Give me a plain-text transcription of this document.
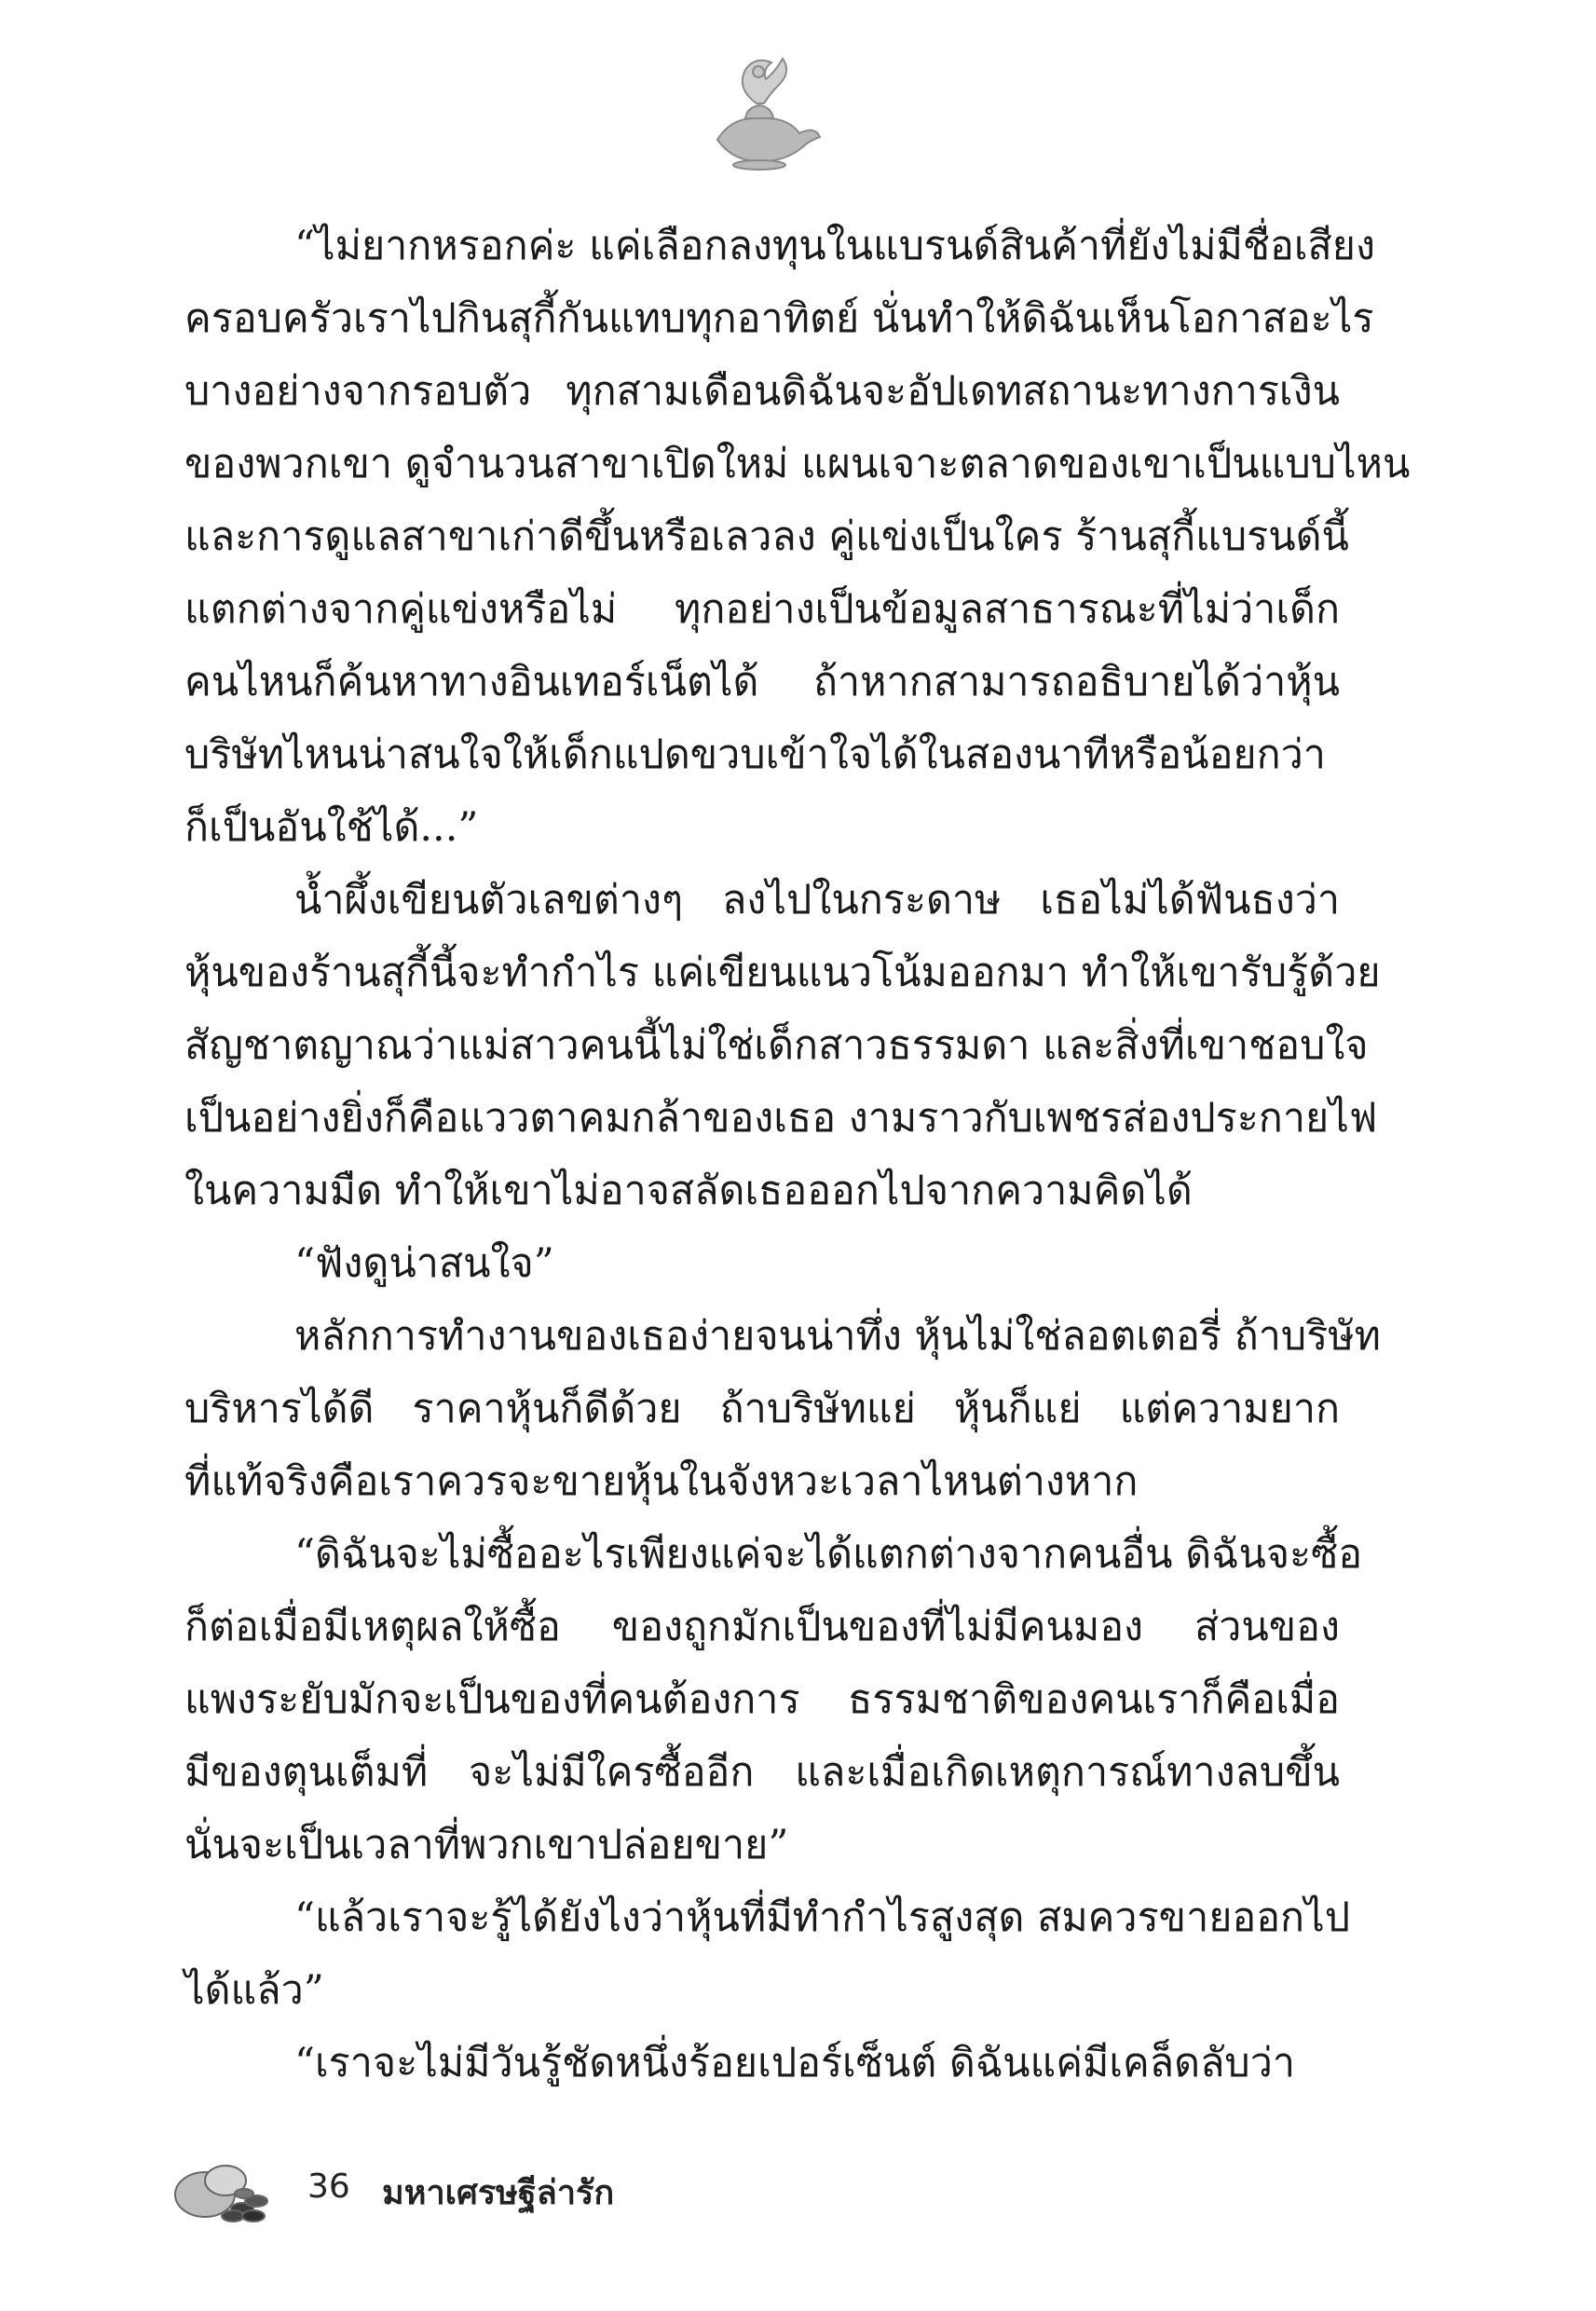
“ไม่ยากหรอกค่ะ แค่เลือกลงทุนในแบรนด์สินค้าที่ยังไม่มีชื่อเสียง
ครอบครัวเราไปกินสุกี้กันแทบทุกอาทิตย์ นั่นทำให้ดิฉันเห็นโอกาสอะไร
บางอย่างจากรอบตัว ทุกสามเดือนดิฉันจะอัปเดทสถานะทางการเงิน
ของพวกเขา ดูจำนวนสาขาเปิดใหม่ แผนเจาะตลาดของเขาเป็นแบบไหน
และการดูแลสาขาเก่าดีขึ้นหรือเลวลง คู่แข่งเป็นใคร ร้านสุกี้แบรนด์นี้
แตกต่างจากคู่แข่งหรือไม่ ทุกอย่างเป็นข้อมูลสาธารณะที่ไม่ว่าเด็ก
คนไหนก็ค้นหาทางอินเทอร์เน็ตได้ ถ้าหากสามารถอธิบายได้ว่าหุ้น
บริษัทไหนน่าสนใจให้เด็กแปดขวบเข้าใจได้ในสองนาทีหรือน้อยกว่า
ก็เป็นอันใช้ได้...”
น้ำผึ้งเขียนตัวเลขต่างๆ ลงไปในกระดาษ เธอไม่ได้ฟันธงว่า
หุ้นของร้านสุกี้นี้จะทำกำไร แค่เขียนแนวโน้มออกมา ทำให้เขารับรู้ด้วย
สัญชาตญาณว่าแม่สาวคนนี้ไม่ใช่เด็กสาวธรรมดา และสิ่งที่เขาชอบใจ
เป็นอย่างยิ่งก็คือแววตาคมกล้าของเธอ งามราวกับเพชรส่องประกายไฟ
ในความมืด ทำให้เขาไม่อาจสลัดเธอออกไปจากความคิดได้
“ฟังดูน่าสนใจ”
หลักการทำงานของเธอง่ายจนน่าทึ่ง หุ้นไม่ใช่ลอตเตอรี่ ถ้าบริษัท
บริหารได้ดี ราคาหุ้นก็ดีด้วย ถ้าบริษัทแย่ หุ้นก็แย่ แต่ความยาก
ที่แท้จริงคือเราควรจะขายหุ้นในจังหวะเวลาไหนต่างหาก
“ดิฉันจะไม่ซื้ออะไรเพียงแค่จะได้แตกต่างจากคนอื่น ดิฉันจะซื้อ
ก็ต่อเมื่อมีเหตุผลให้ซื้อ ของถูกมักเป็นของที่ไม่มีคนมอง ส่วนของ
แพงระยับมักจะเป็นของที่คนต้องการ ธรรมชาติของคนเราก็คือเมื่อ
มีของตุนเต็มที่ จะไม่มีใครซื้ออีก และเมื่อเกิดเหตุการณ์ทางลบขึ้น
นั่นจะเป็นเวลาที่พวกเขาปล่อยขาย”
“แล้วเราจะรู้ได้ยังไงว่าหุ้นที่มีทำกำไรสูงสุด สมควรขายออกไป
ได้แล้ว”
“เราจะไม่มีวันรู้ชัดหนึ่งร้อยเปอร์เซ็นต์ ดิฉันแค่มีเคล็ดลับว่า
36 มหาเศรษฐีล่ารัก
